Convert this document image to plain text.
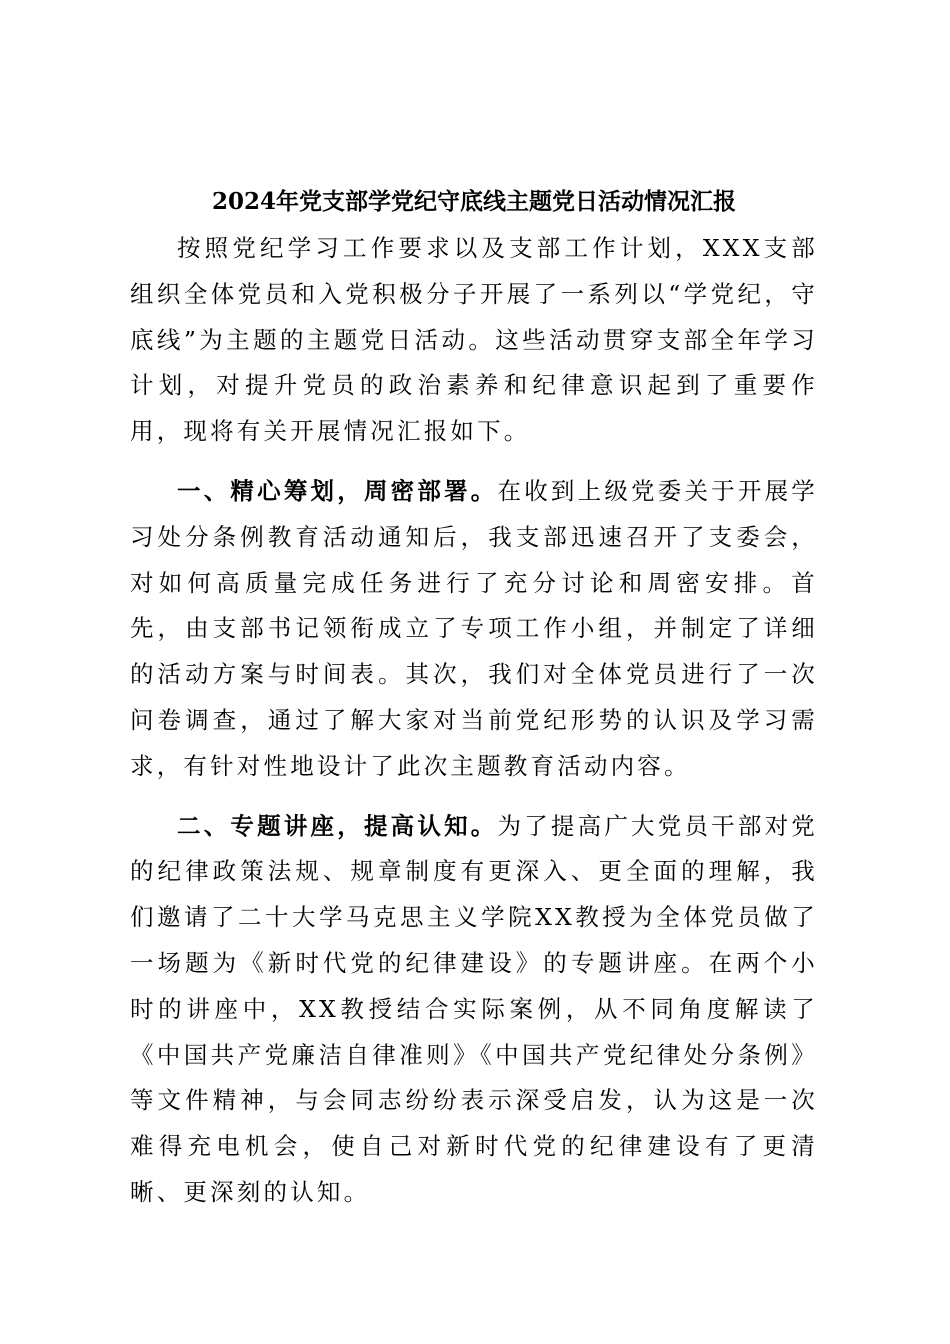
2024年党支部学党纪守底线主题党日活动情况汇报

按照党纪学习工作要求以及支部工作计划，XXX支部组织全体党员和入党积极分子开展了一系列以“学党纪，守底线”为主题的主题党日活动。这些活动贯穿支部全年学习计划，对提升党员的政治素养和纪律意识起到了重要作用，现将有关开展情况汇报如下。

一、精心筹划，周密部署。在收到上级党委关于开展学习处分条例教育活动通知后，我支部迅速召开了支委会，对如何高质量完成任务进行了充分讨论和周密安排。首先，由支部书记领衔成立了专项工作小组，并制定了详细的活动方案与时间表。其次，我们对全体党员进行了一次问卷调查，通过了解大家对当前党纪形势的认识及学习需求，有针对性地设计了此次主题教育活动内容。

二、专题讲座，提高认知。为了提高广大党员干部对党的纪律政策法规、规章制度有更深入、更全面的理解，我们邀请了二十大学马克思主义学院XX教授为全体党员做了一场题为《新时代党的纪律建设》的专题讲座。在两个小时的讲座中，XX教授结合实际案例，从不同角度解读了《中国共产党廉洁自律准则》《中国共产党纪律处分条例》等文件精神，与会同志纷纷表示深受启发，认为这是一次难得充电机会，使自己对新时代党的纪律建设有了更清晰、更深刻的认知。
